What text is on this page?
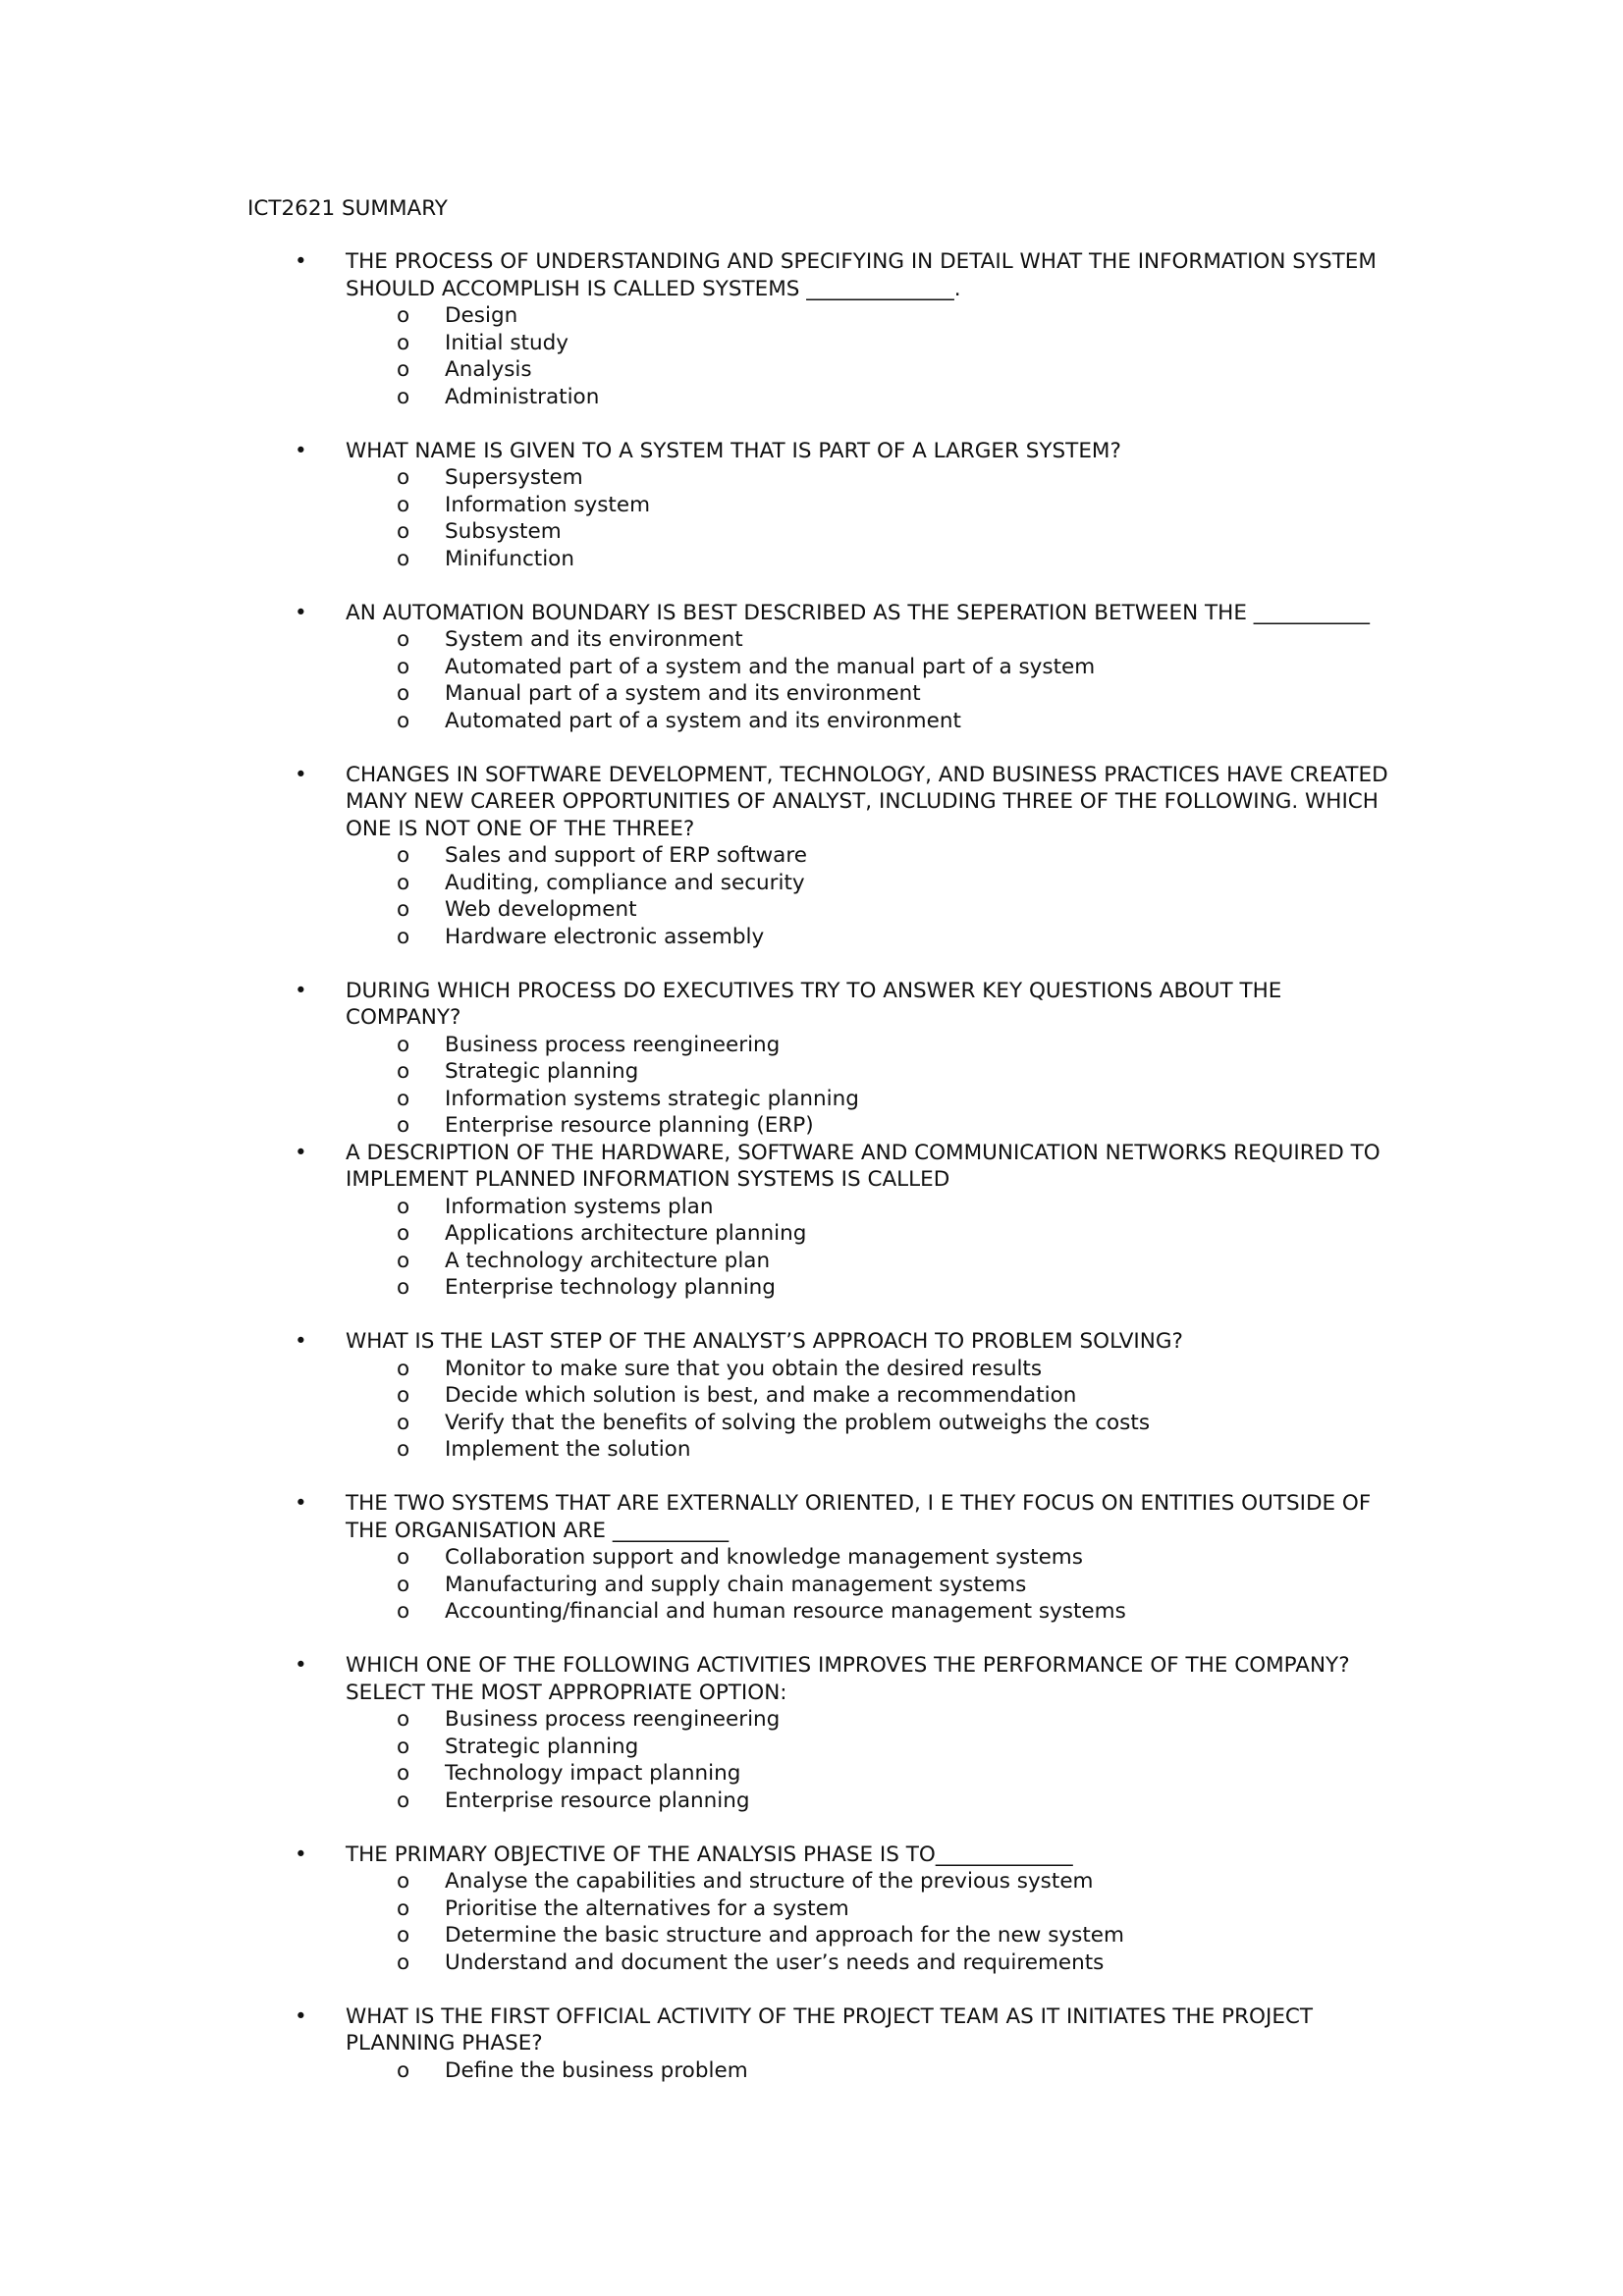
ICT2621 SUMMARY
• THE PROCESS OF UNDERSTANDING AND SPECIFYING IN DETAIL WHAT THE INFORMATION SYSTEM SHOULD ACCOMPLISH IS CALLED SYSTEMS ______________.

o Design
o Initial study
o Analysis
o Administration
• WHAT NAME IS GIVEN TO A SYSTEM THAT IS PART OF A LARGER SYSTEM?

o Supersystem
o Information system
o Subsystem
o Minifunction
• AN AUTOMATION BOUNDARY IS BEST DESCRIBED AS THE SEPERATION BETWEEN THE ___________

o System and its environment
o Automated part of a system and the manual part of a system
o Manual part of a system and its environment
o Automated part of a system and its environment
• CHANGES IN SOFTWARE DEVELOPMENT, TECHNOLOGY, AND BUSINESS PRACTICES HAVE CREATED MANY NEW CAREER OPPORTUNITIES OF ANALYST, INCLUDING THREE OF THE FOLLOWING. WHICH ONE IS NOT ONE OF THE THREE?

o Sales and support of ERP software
o Auditing, compliance and security
o Web development
o Hardware electronic assembly
• DURING WHICH PROCESS DO EXECUTIVES TRY TO ANSWER KEY QUESTIONS ABOUT THE COMPANY?

o Business process reengineering
o Strategic planning
o Information systems strategic planning
o Enterprise resource planning (ERP)
• A DESCRIPTION OF THE HARDWARE, SOFTWARE AND COMMUNICATION NETWORKS REQUIRED TO IMPLEMENT PLANNED INFORMATION SYSTEMS IS CALLED

o Information systems plan
o Applications architecture planning
o A technology architecture plan
o Enterprise technology planning
• WHAT IS THE LAST STEP OF THE ANALYST’S APPROACH TO PROBLEM SOLVING?

o Monitor to make sure that you obtain the desired results
o Decide which solution is best, and make a recommendation
o Verify that the benefits of solving the problem outweighs the costs
o Implement the solution
• THE TWO SYSTEMS THAT ARE EXTERNALLY ORIENTED, I E THEY FOCUS ON ENTITIES OUTSIDE OF THE ORGANISATION ARE ___________

o Collaboration support and knowledge management systems
o Manufacturing and supply chain management systems
o Accounting/financial and human resource management systems
• WHICH ONE OF THE FOLLOWING ACTIVITIES IMPROVES THE PERFORMANCE OF THE COMPANY? SELECT THE MOST APPROPRIATE OPTION:

o Business process reengineering
o Strategic planning
o Technology impact planning
o Enterprise resource planning
• THE PRIMARY OBJECTIVE OF THE ANALYSIS PHASE IS TO_____________

o Analyse the capabilities and structure of the previous system
o Prioritise the alternatives for a system
o Determine the basic structure and approach for the new system
o Understand and document the user’s needs and requirements
• WHAT IS THE FIRST OFFICIAL ACTIVITY OF THE PROJECT TEAM AS IT INITIATES THE PROJECT PLANNING PHASE?

o Define the business problem
